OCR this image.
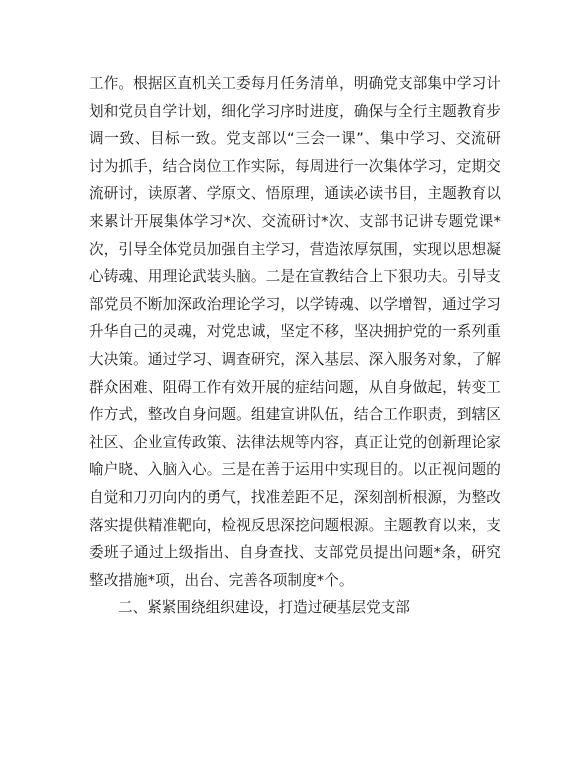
工作。根据区直机关工委每月任务清单，明确党支部集中学习计划和党员自学计划，细化学习序时进度，确保与全行主题教育步调一致、目标一致。党支部以“三会一课”、集中学习、交流研讨为抓手，结合岗位工作实际，每周进行一次集体学习，定期交流研讨，读原著、学原文、悟原理，通读必读书目，主题教育以来累计开展集体学习*次、交流研讨*次、支部书记讲专题党课*次，引导全体党员加强自主学习，营造浓厚氛围，实现以思想凝心铸魂、用理论武装头脑。二是在宣教结合上下狠功夫。引导支部党员不断加深政治理论学习，以学铸魂、以学增智，通过学习升华自己的灵魂，对党忠诚，坚定不移，坚决拥护党的一系列重大决策。通过学习、调查研究，深入基层、深入服务对象，了解群众困难、阻碍工作有效开展的症结问题，从自身做起，转变工作方式，整改自身问题。组建宣讲队伍，结合工作职责，到辖区社区、企业宣传政策、法律法规等内容，真正让党的创新理论家喻户晓、入脑入心。三是在善于运用中实现目的。以正视问题的自觉和刀刃向内的勇气，找准差距不足，深刻剖析根源，为整改落实提供精准靶向，检视反思深挖问题根源。主题教育以来，支委班子通过上级指出、自身查找、支部党员提出问题*条，研究整改措施*项，出台、完善各项制度*个。

二、紧紧围绕组织建设，打造过硬基层党支部
